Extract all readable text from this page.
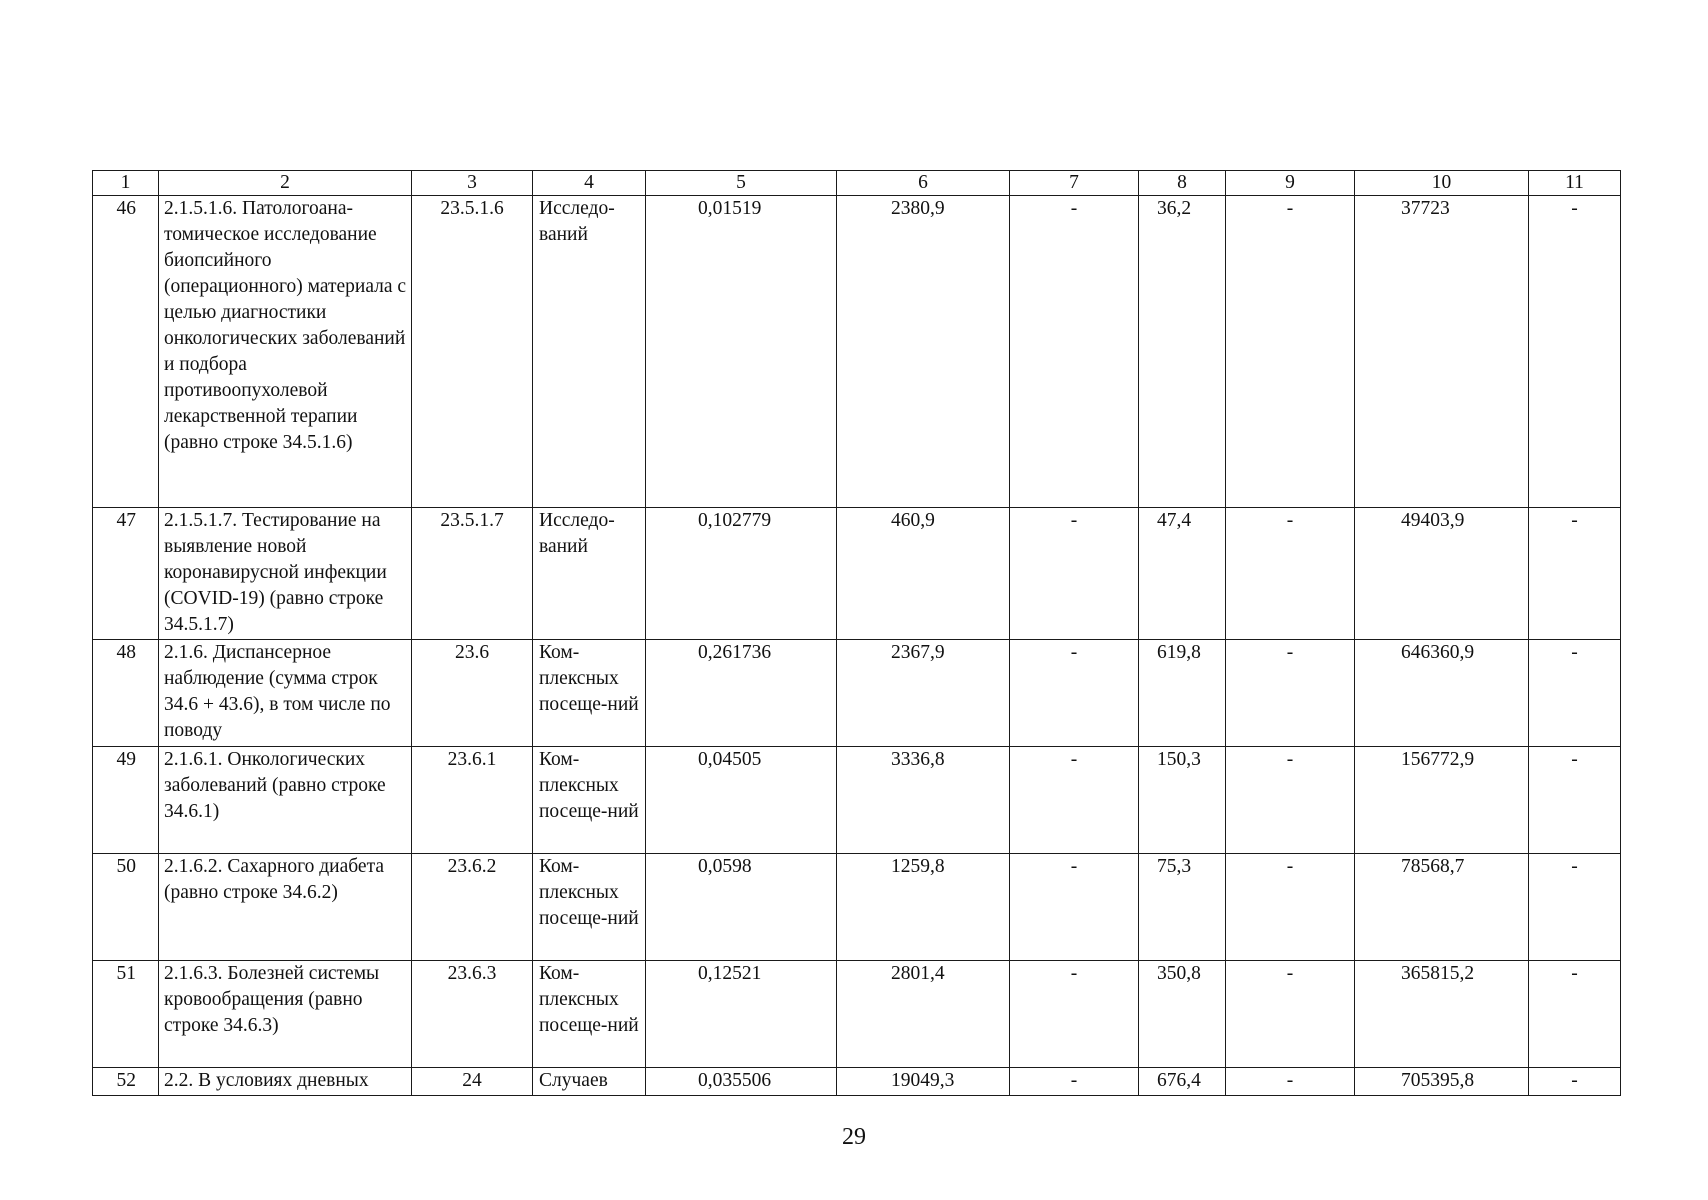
1	2	3	4	5	6	7	8	9	10	11
46	2.1.5.1.6. Патологоана-томическое исследование биопсийного (операционного) материала с целью диагностики онкологических заболеваний и подбора противоопухолевой лекарственной терапии (равно строке 34.5.1.6)	23.5.1.6	Исследо-ваний	0,01519	2380,9	-	36,2	-	37723	-
47	2.1.5.1.7. Тестирование на выявление новой коронавирусной инфекции (COVID-19) (равно строке 34.5.1.7)	23.5.1.7	Исследо-ваний	0,102779	460,9	-	47,4	-	49403,9	-
48	2.1.6. Диспансерное наблюдение (сумма строк 34.6 + 43.6), в том числе по поводу	23.6	Ком-плексных посеще-ний	0,261736	2367,9	-	619,8	-	646360,9	-
49	2.1.6.1. Онкологических заболеваний (равно строке 34.6.1)	23.6.1	Ком-плексных посеще-ний	0,04505	3336,8	-	150,3	-	156772,9	-
50	2.1.6.2. Сахарного диабета (равно строке 34.6.2)	23.6.2	Ком-плексных посеще-ний	0,0598	1259,8	-	75,3	-	78568,7	-
51	2.1.6.3. Болезней системы кровообращения (равно строке 34.6.3)	23.6.3	Ком-плексных посеще-ний	0,12521	2801,4	-	350,8	-	365815,2	-
52	2.2. В условиях дневных	24	Случаев	0,035506	19049,3	-	676,4	-	705395,8	-
29
